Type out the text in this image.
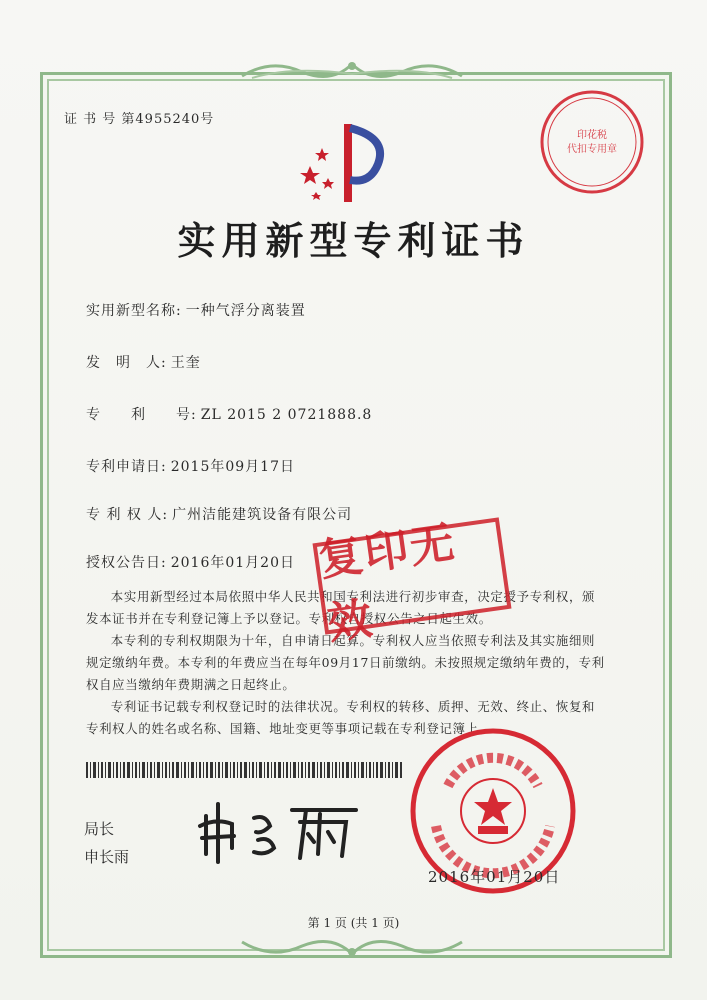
证 书 号 第4955240号
印花税
代扣专用章
实用新型专利证书
实用新型名称: 一种气浮分离装置
发　明　人: 王奎
专　　利　　号: ZL 2015 2 0721888.8
专利申请日: 2015年09月17日
专 利 权 人: 广州洁能建筑设备有限公司
授权公告日: 2016年01月20日

本实用新型经过本局依照中华人民共和国专利法进行初步审查，决定授予专利权，颁发本证书并在专利登记簿上予以登记。专利权自授权公告之日起生效。

本专利的专利权期限为十年，自申请日起算。专利权人应当依照专利法及其实施细则规定缴纳年费。本专利的年费应当在每年09月17日前缴纳。未按照规定缴纳年费的，专利权自应当缴纳年费期满之日起终止。

专利证书记载专利权登记时的法律状况。专利权的转移、质押、无效、终止、恢复和专利权人的姓名或名称、国籍、地址变更等事项记载在专利登记簿上。

复印无效
局长
申长雨
2016年01月20日
第 1 页 (共 1 页)
